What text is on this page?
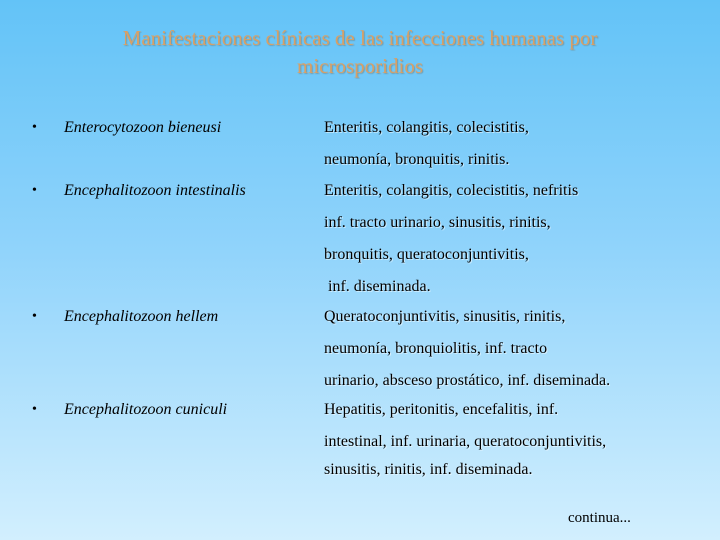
Manifestaciones clínicas de las infecciones humanas por
microsporidios
• Enterocytozoon bieneusi	Enteritis, colangitis, colecistitis,
neumonía, bronquitis, rinitis.
• Encephalitozoon intestinalis	Enteritis, colangitis, colecistitis, nefritis
inf. tracto urinario, sinusitis, rinitis,
bronquitis, queratoconjuntivitis,
inf. diseminada.
• Encephalitozoon hellem	Queratoconjuntivitis, sinusitis, rinitis,
neumonía, bronquiolitis, inf. tracto
urinario, absceso prostático, inf. diseminada.
• Encephalitozoon cuniculi	Hepatitis, peritonitis, encefalitis, inf.
intestinal, inf. urinaria, queratoconjuntivitis,
sinusitis, rinitis, inf. diseminada.
continua...
